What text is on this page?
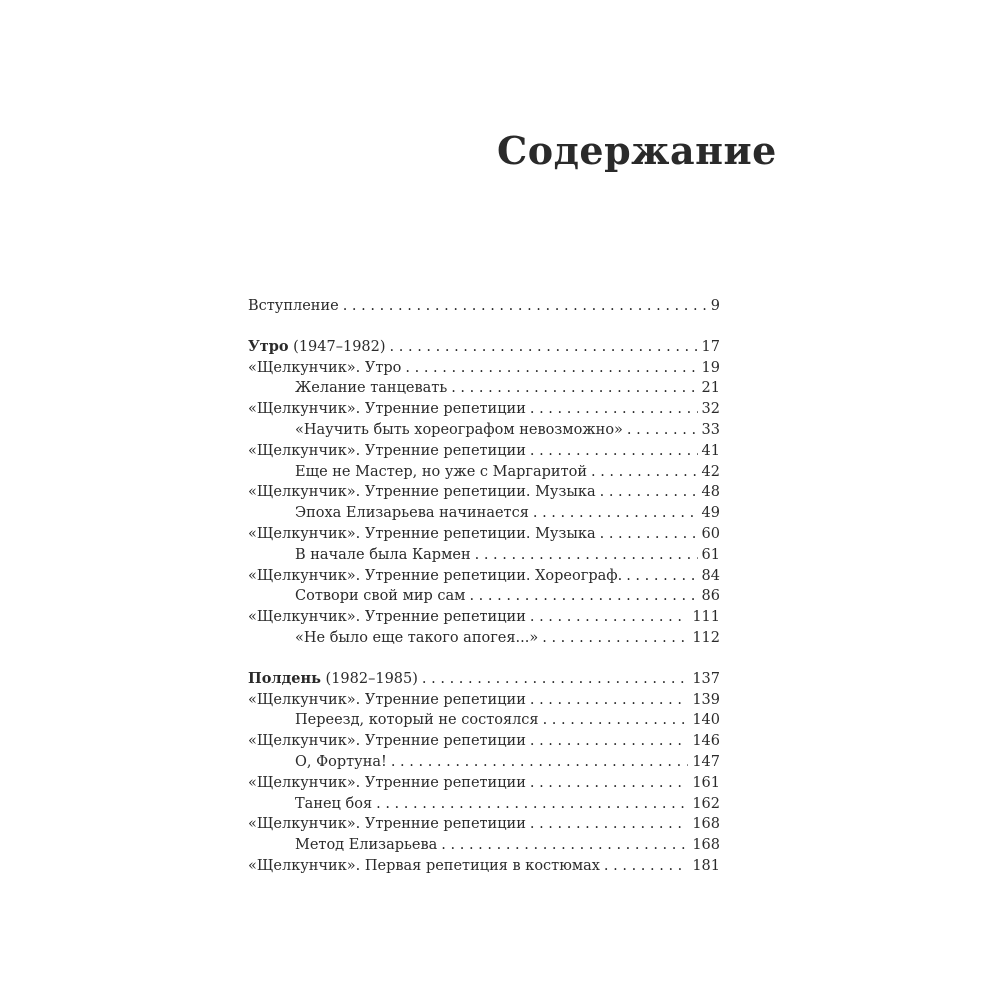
Содержание
Вступление . . .	9
Утро (1947–1982) . . .	17
«Щелкунчик». Утро . . .	19
Желание танцевать . . .	21
«Щелкунчик». Утренние репетиции . . .	32
«Научить быть хореографом невозможно» . . .	33
«Щелкунчик». Утренние репетиции . . .	41
Еще не Мастер, но уже с Маргаритой . . .	42
«Щелкунчик». Утренние репетиции. Музыка . . .	48
Эпоха Елизарьева начинается . . .	49
«Щелкунчик». Утренние репетиции. Музыка . . .	60
В начале была Кармен . . .	61
«Щелкунчик». Утренние репетиции. Хореограф. . . .	84
Сотвори свой мир сам . . .	86
«Щелкунчик». Утренние репетиции . . .	111
«Не было еще такого апогея...» . . .	112
Полдень (1982–1985) . . .	137
«Щелкунчик». Утренние репетиции . . .	139
Переезд, который не состоялся . . .	140
«Щелкунчик». Утренние репетиции . . .	146
О, Фортуна! . . .	147
«Щелкунчик». Утренние репетиции . . .	161
Танец боя . . .	162
«Щелкунчик». Утренние репетиции . . .	168
Метод Елизарьева . . .	168
«Щелкунчик». Первая репетиция в костюмах . . .	181
